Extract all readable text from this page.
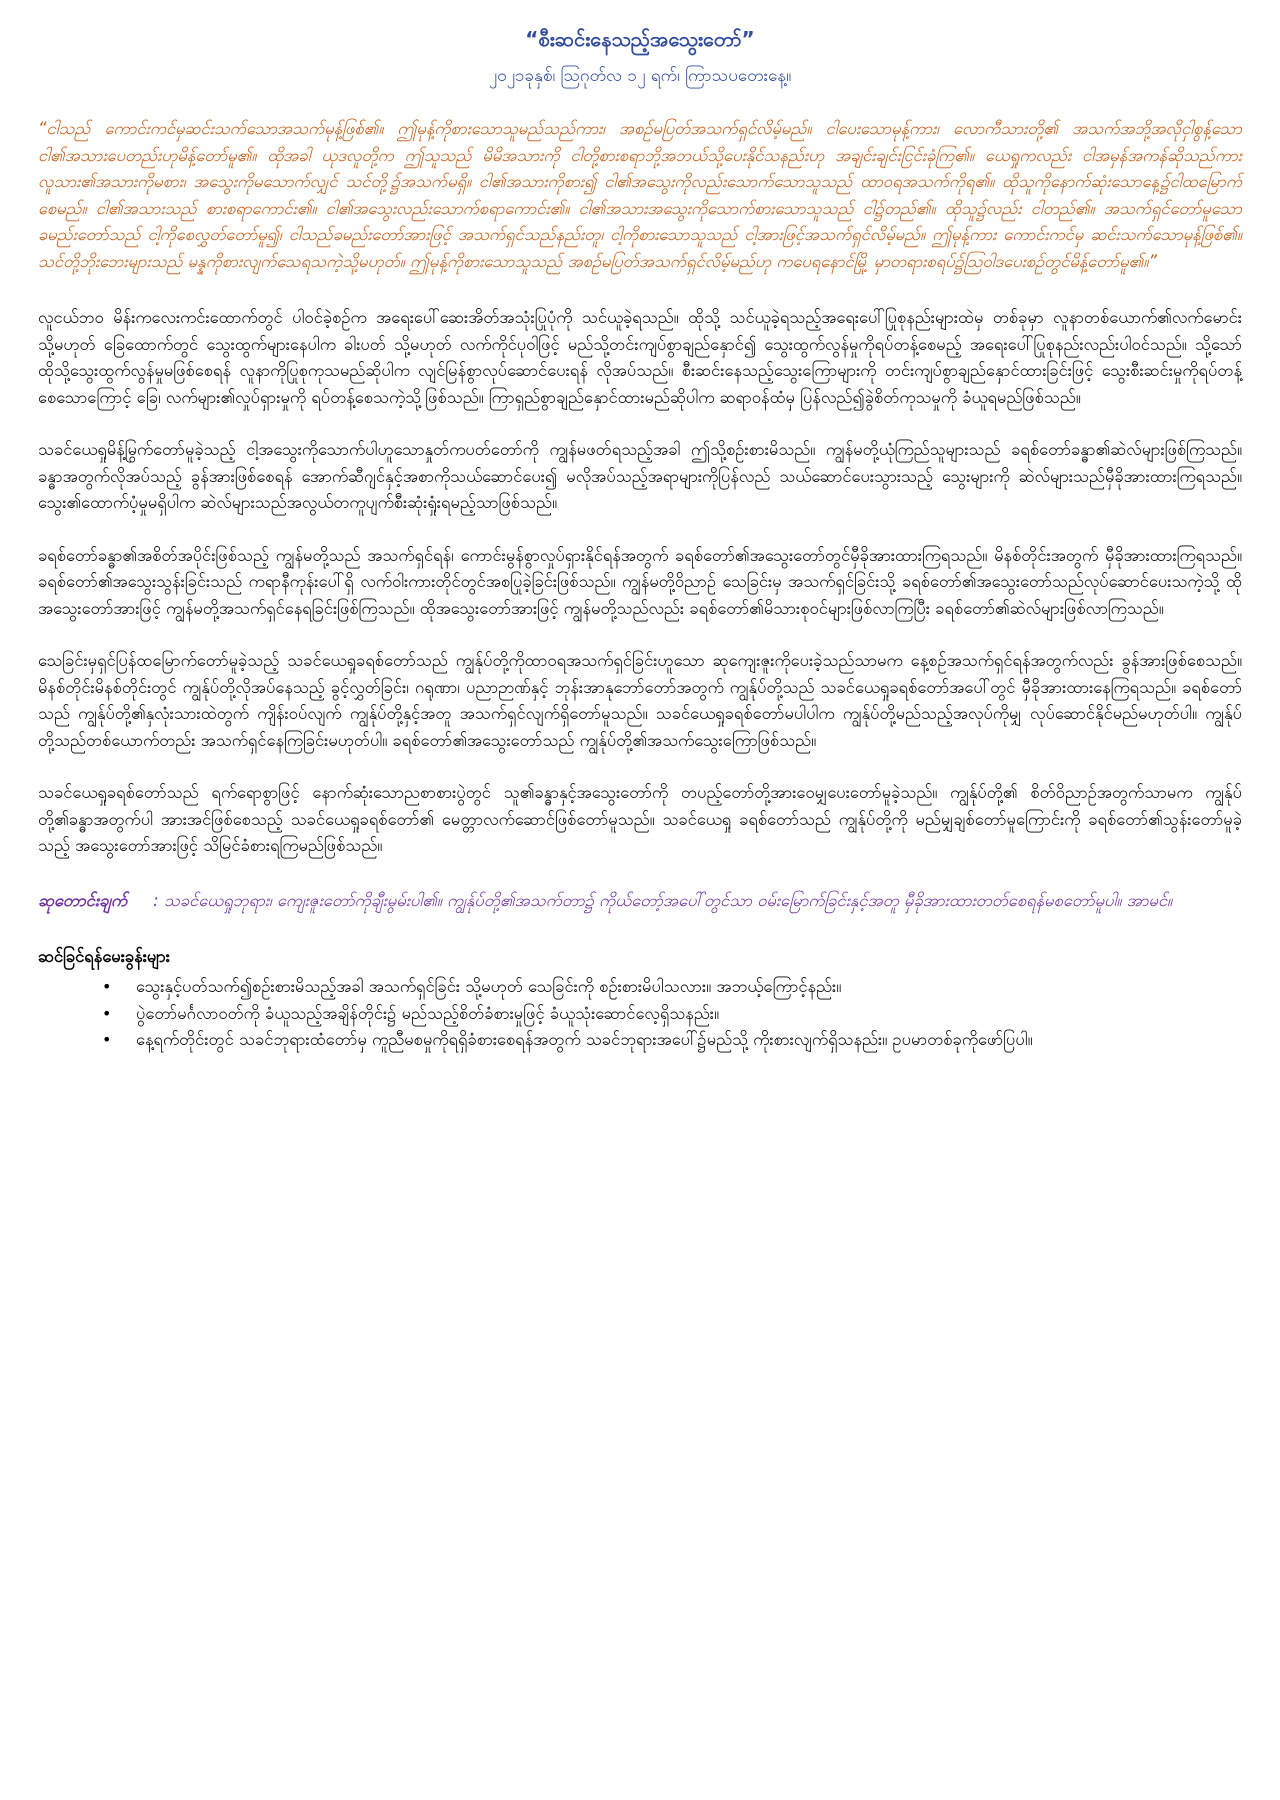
“စီးဆင်းနေသည့်အသွေးတော်”
၂၀၂၁ခုနှစ်၊ ဩဂုတ်လ ၁၂ ရက်၊ ကြာသပတေးနေ့။

“ငါသည် ကောင်းကင်မှဆင်းသက်သောအသက်မုန့်ဖြစ်၏။ ဤမုန့်ကိုစားသောသူမည်သည်ကား၊ အစဉ်မပြတ်အသက်ရှင်လိမ့်မည်။ ငါပေးသောမုန့်ကား၊ လောကီသားတို့၏ အသက်အဘို့အလိုငှါစွန့်သောငါ၏အသားပေတည်းဟုမိန့်တော်မူ၏။ ထိုအခါ ယုဒလူတို့က ဤသူသည် မိမိအသားကို ငါတို့စားစရာဘို့အဘယ်သို့ပေးနိုင်သနည်းဟု အချင်းချင်းငြင်းခုံကြ၏။ ယေရှုကလည်း ငါအမှန်အကန်ဆိုသည်ကား လူသား၏အသားကိုမစား၊ အသွေးကိုမသောက်လျှင် သင်တို့၌အသက်မရှိ။ ငါ၏အသားကိုစား၍ ငါ၏အသွေးကိုလည်းသောက်သောသူသည် ထာဝရအသက်ကိုရ၏။ ထိုသူကိုနောက်ဆုံးသောနေ့၌ငါထမြောက်စေမည်။ ငါ၏အသားသည် စားစရာကောင်း၏။ ငါ၏အသွေးလည်းသောက်စရာကောင်း၏။ ငါ၏အသားအသွေးကိုသောက်စားသောသူသည် ငါ၌တည်၏။ ထိုသူ၌လည်း ငါတည်၏။ အသက်ရှင်တော်မူသောခမည်းတော်သည် ငါ့ကိုစေလွှတ်တော်မူ၍၊ ငါသည်ခမည်းတော်အားဖြင့် အသက်ရှင်သည်နည်းတူ၊ ငါ့ကိုစားသောသူသည် ငါ့အားဖြင့်အသက်ရှင်လိမ့်မည်။ ဤမုန့်ကား ကောင်းကင်မှ ဆင်းသက်သောမုန့်ဖြစ်၏။ သင်တို့ဘိုးဘေးများသည် မန္နကိုစားလျက်သေရသကဲ့သို့မဟုတ်။ ဤမုန့်ကိုစားသောသူသည် အစဉ်မပြတ်အသက်ရှင်လိမ့်မည်ဟု ကပေရနောင်မြို့ မှာတရားစရပ်၌ဩဝါဒပေးစဉ်တွင်မိန့်တော်မူ၏။”

လူငယ်ဘဝ မိန်းကလေးကင်းထောက်တွင် ပါဝင်ခဲ့စဉ်က အရေးပေါ်ဆေးအိတ်အသုံးပြုပုံကို သင်ယူခဲ့ရသည်။ ထိုသို့ သင်ယူခဲ့ရသည့်အရေးပေါ်ပြုစုနည်းများထဲမှ တစ်ခုမှာ လူနာတစ်ယောက်၏လက်မောင်း သို့မဟုတ် ခြေထောက်တွင် သွေးထွက်များနေပါက ခါးပတ် သို့မဟုတ် လက်ကိုင်ပုဝါဖြင့် မည်သို့တင်းကျပ်စွာချည်နှောင်၍ သွေးထွက်လွန်မှုကိုရပ်တန့်စေမည့် အရေးပေါ်ပြုစုနည်းလည်းပါဝင်သည်။ သို့သော် ထိုသို့သွေးထွက်လွန်မှုမဖြစ်စေရန် လူနာကိုပြုစုကုသမည်ဆိုပါက လျင်မြန်စွာလုပ်ဆောင်ပေးရန် လိုအပ်သည်။ စီးဆင်းနေသည့်သွေးကြောများကို တင်းကျပ်စွာချည်နှောင်ထားခြင်းဖြင့် သွေးစီးဆင်းမှုကိုရပ်တန့်စေသောကြောင့် ခြေ၊ လက်များ၏လှုပ်ရှားမှုကို ရပ်တန့်စေသကဲ့သို့ဖြစ်သည်။ ကြာရှည်စွာချည်နှောင်ထားမည်ဆိုပါက ဆရာဝန်ထံမှ ပြန်လည်၍ခွဲစိတ်ကုသမှုကို ခံယူရမည်ဖြစ်သည်။

သခင်ယေရှုမိန့်မြွက်တော်မူခဲ့သည့် ငါ့အသွေးကိုသောက်ပါဟူသောနှုတ်ကပတ်တော်ကို ကျွန်မဖတ်ရသည့်အခါ ဤသို့စဉ်းစားမိသည်။ ကျွန်မတို့ယုံကြည်သူများသည် ခရစ်တော်ခန္ဓာ၏ဆဲလ်များဖြစ်ကြသည်။ ခန္ဓာအတွက်လိုအပ်သည့် ခွန်အားဖြစ်စေရန် အောက်ဆီဂျင်နှင့်အစာကိုသယ်ဆောင်ပေး၍ မလိုအပ်သည့်အရာများကိုပြန်လည် သယ်ဆောင်ပေးသွားသည့် သွေးများကို ဆဲလ်များသည်မှီခိုအားထားကြရသည်။ သွေး၏ထောက်ပံ့မှုမရှိပါက ဆဲလ်များသည်အလွယ်တကူပျက်စီးဆုံးရှုံးရမည့်သာဖြစ်သည်။

ခရစ်တော်ခန္ဓာ၏အစိတ်အပိုင်းဖြစ်သည့် ကျွန်မတို့သည် အသက်ရှင်ရန်၊ ကောင်းမွန်စွာလှုပ်ရှားနိုင်ရန်အတွက် ခရစ်တော်၏အသွေးတော်တွင်မှီခိုအားထားကြရသည်။ မိနစ်တိုင်းအတွက် မှီခိုအားထားကြရသည်။ ခရစ်တော်၏အသွေးသွန်းခြင်းသည် ကရာနီကုန်းပေါ်ရှိ လက်ဝါးကားတိုင်တွင်အစပြုခဲ့ခြင်းဖြစ်သည်။ ကျွန်မတို့ဝိညာဉ် သေခြင်းမှ အသက်ရှင်ခြင်းသို့ ခရစ်တော်၏အသွေးတော်သည်လုပ်ဆောင်ပေးသကဲ့သို့ ထိုအသွေးတော်အားဖြင့် ကျွန်မတို့အသက်ရှင်နေရခြင်းဖြစ်ကြသည်။ ထိုအသွေးတော်အားဖြင့် ကျွန်မတို့သည်လည်း ခရစ်တော်၏မိသားစုဝင်များဖြစ်လာကြပြီး ခရစ်တော်၏ဆဲလ်များဖြစ်လာကြသည်။

သေခြင်းမှရှင်ပြန်ထမြောက်တော်မူခဲ့သည့် သခင်ယေရှုခရစ်တော်သည် ကျွန်ုပ်တို့ကိုထာဝရအသက်ရှင်ခြင်းဟူသော ဆုကျေးဇူးကိုပေးခဲ့သည်သာမက နေ့စဉ်အသက်ရှင်ရန်အတွက်လည်း ခွန်အားဖြစ်စေသည်။ မိနစ်တိုင်းမိနစ်တိုင်းတွင် ကျွန်ုပ်တို့လိုအပ်နေသည့် ခွင့်လွှတ်ခြင်း၊ ဂရုဏာ၊ ပညာဉာဏ်နှင့် ဘုန်းအာနုဘော်တော်အတွက် ကျွန်ုပ်တို့သည် သခင်ယေရှုခရစ်တော်အပေါ်တွင် မှီခိုအားထားနေကြရသည်။ ခရစ်တော်သည် ကျွန်ုပ်တို့၏နှလုံးသားထဲတွက် ကျိန်းဝပ်လျက် ကျွန်ုပ်တို့နှင့်အတူ အသက်ရှင်လျက်ရှိတော်မူသည်။ သခင်ယေရှုခရစ်တော်မပါပါက ကျွန်ုပ်တို့မည်သည့်အလုပ်ကိုမျှ လုပ်ဆောင်နိုင်မည်မဟုတ်ပါ။ ကျွန်ုပ်တို့သည်တစ်ယောက်တည်း အသက်ရှင်နေကြခြင်းမဟုတ်ပါ။ ခရစ်တော်၏အသွေးတော်သည် ကျွန်ုပ်တို့၏အသက်သွေးကြောဖြစ်သည်။

သခင်ယေရှုခရစ်တော်သည် ရက်ရောစွာဖြင့် နောက်ဆုံးသောညစာစားပွဲတွင် သူ၏ခန္ဓာနှင့်အသွေးတော်ကို တပည့်တော်တို့အားဝေမျှပေးတော်မူခဲ့သည်။ ကျွန်ုပ်တို့၏ စိတ်ဝိညာဉ်အတွက်သာမက ကျွန်ုပ်တို့၏ခန္ဓာအတွက်ပါ အားအင်ဖြစ်စေသည့် သခင်ယေရှုခရစ်တော်၏ မေတ္တာလက်ဆောင်ဖြစ်တော်မူသည်။ သခင်ယေရှု ခရစ်တော်သည် ကျွန်ုပ်တို့ကို မည်မျှချစ်တော်မူကြောင်းကို ခရစ်တော်၏သွန်းတော်မူခဲ့သည့် အသွေးတော်အားဖြင့် သိမြင်ခံစားရကြမည်ဖြစ်သည်။

ဆုတောင်းချက် : သခင်ယေရှုဘုရား၊ ကျေးဇူးတော်ကိုချီးမွမ်းပါ၏။ ကျွန်ုပ်တို့၏အသက်တာ၌ ကိုယ်တော့်အပေါ်တွင်သာ ဝမ်းမြောက်ခြင်းနှင့်အတူ မှီခိုအားထားတတ်စေရန်မစတော်မူပါ။ အာမင်။

ဆင်ခြင်ရန်မေးခွန်းများ
• သွေးနှင့်ပတ်သက်၍စဉ်းစားမိသည့်အခါ အသက်ရှင်ခြင်း သို့မဟုတ် သေခြင်းကို စဉ်းစားမိပါသလား။ အဘယ့်ကြောင့်နည်း။
• ပွဲတော်မင်္ဂလာဝတ်ကို ခံယူသည့်အချိန်တိုင်း၌ မည်သည့်စိတ်ခံစားမှုဖြင့် ခံယူသုံးဆောင်လေ့ရှိသနည်း။
• နေ့ရက်တိုင်းတွင် သခင်ဘုရားထံတော်မှ ကူညီမစမှုကိုရရှိခံစားစေရန်အတွက် သခင်ဘုရားအပေါ်၌မည်သို့ ကိုးစားလျက်ရှိသနည်း။ ဥပမာတစ်ခုကိုဖော်ပြပါ။
